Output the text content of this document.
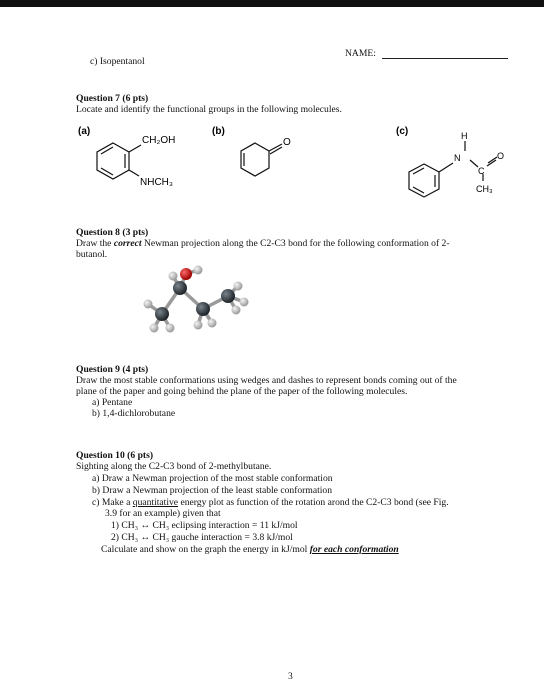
NAME:
c) Isopentanol
Question 7 (6 pts)
Locate and identify the functional groups in the following molecules.
(a)	(b)	(c)
CH₂OH
NHCH₃
O
H
N
C
O
CH₃
Question 8 (3 pts)
Draw the correct Newman projection along the C2-C3 bond for the following conformation of 2-
butanol.
Question 9 (4 pts)
Draw the most stable conformations using wedges and dashes to represent bonds coming out of the
plane of the paper and going behind the plane of the paper of the following molecules.
a) Pentane
b) 1,4-dichlorobutane
Question 10 (6 pts)
Sighting along the C2-C3 bond of 2-methylbutane.
a) Draw a Newman projection of the most stable conformation
b) Draw a Newman projection of the least stable conformation
c) Make a quantitative energy plot as function of the rotation arond the C2-C3 bond (see Fig.
3.9 for an example) given that
1) CH₃ ↔ CH₃ eclipsing interaction = 11 kJ/mol
2) CH₃ ↔ CH₃ gauche interaction = 3.8 kJ/mol
Calculate and show on the graph the energy in kJ/mol for each conformation
3
